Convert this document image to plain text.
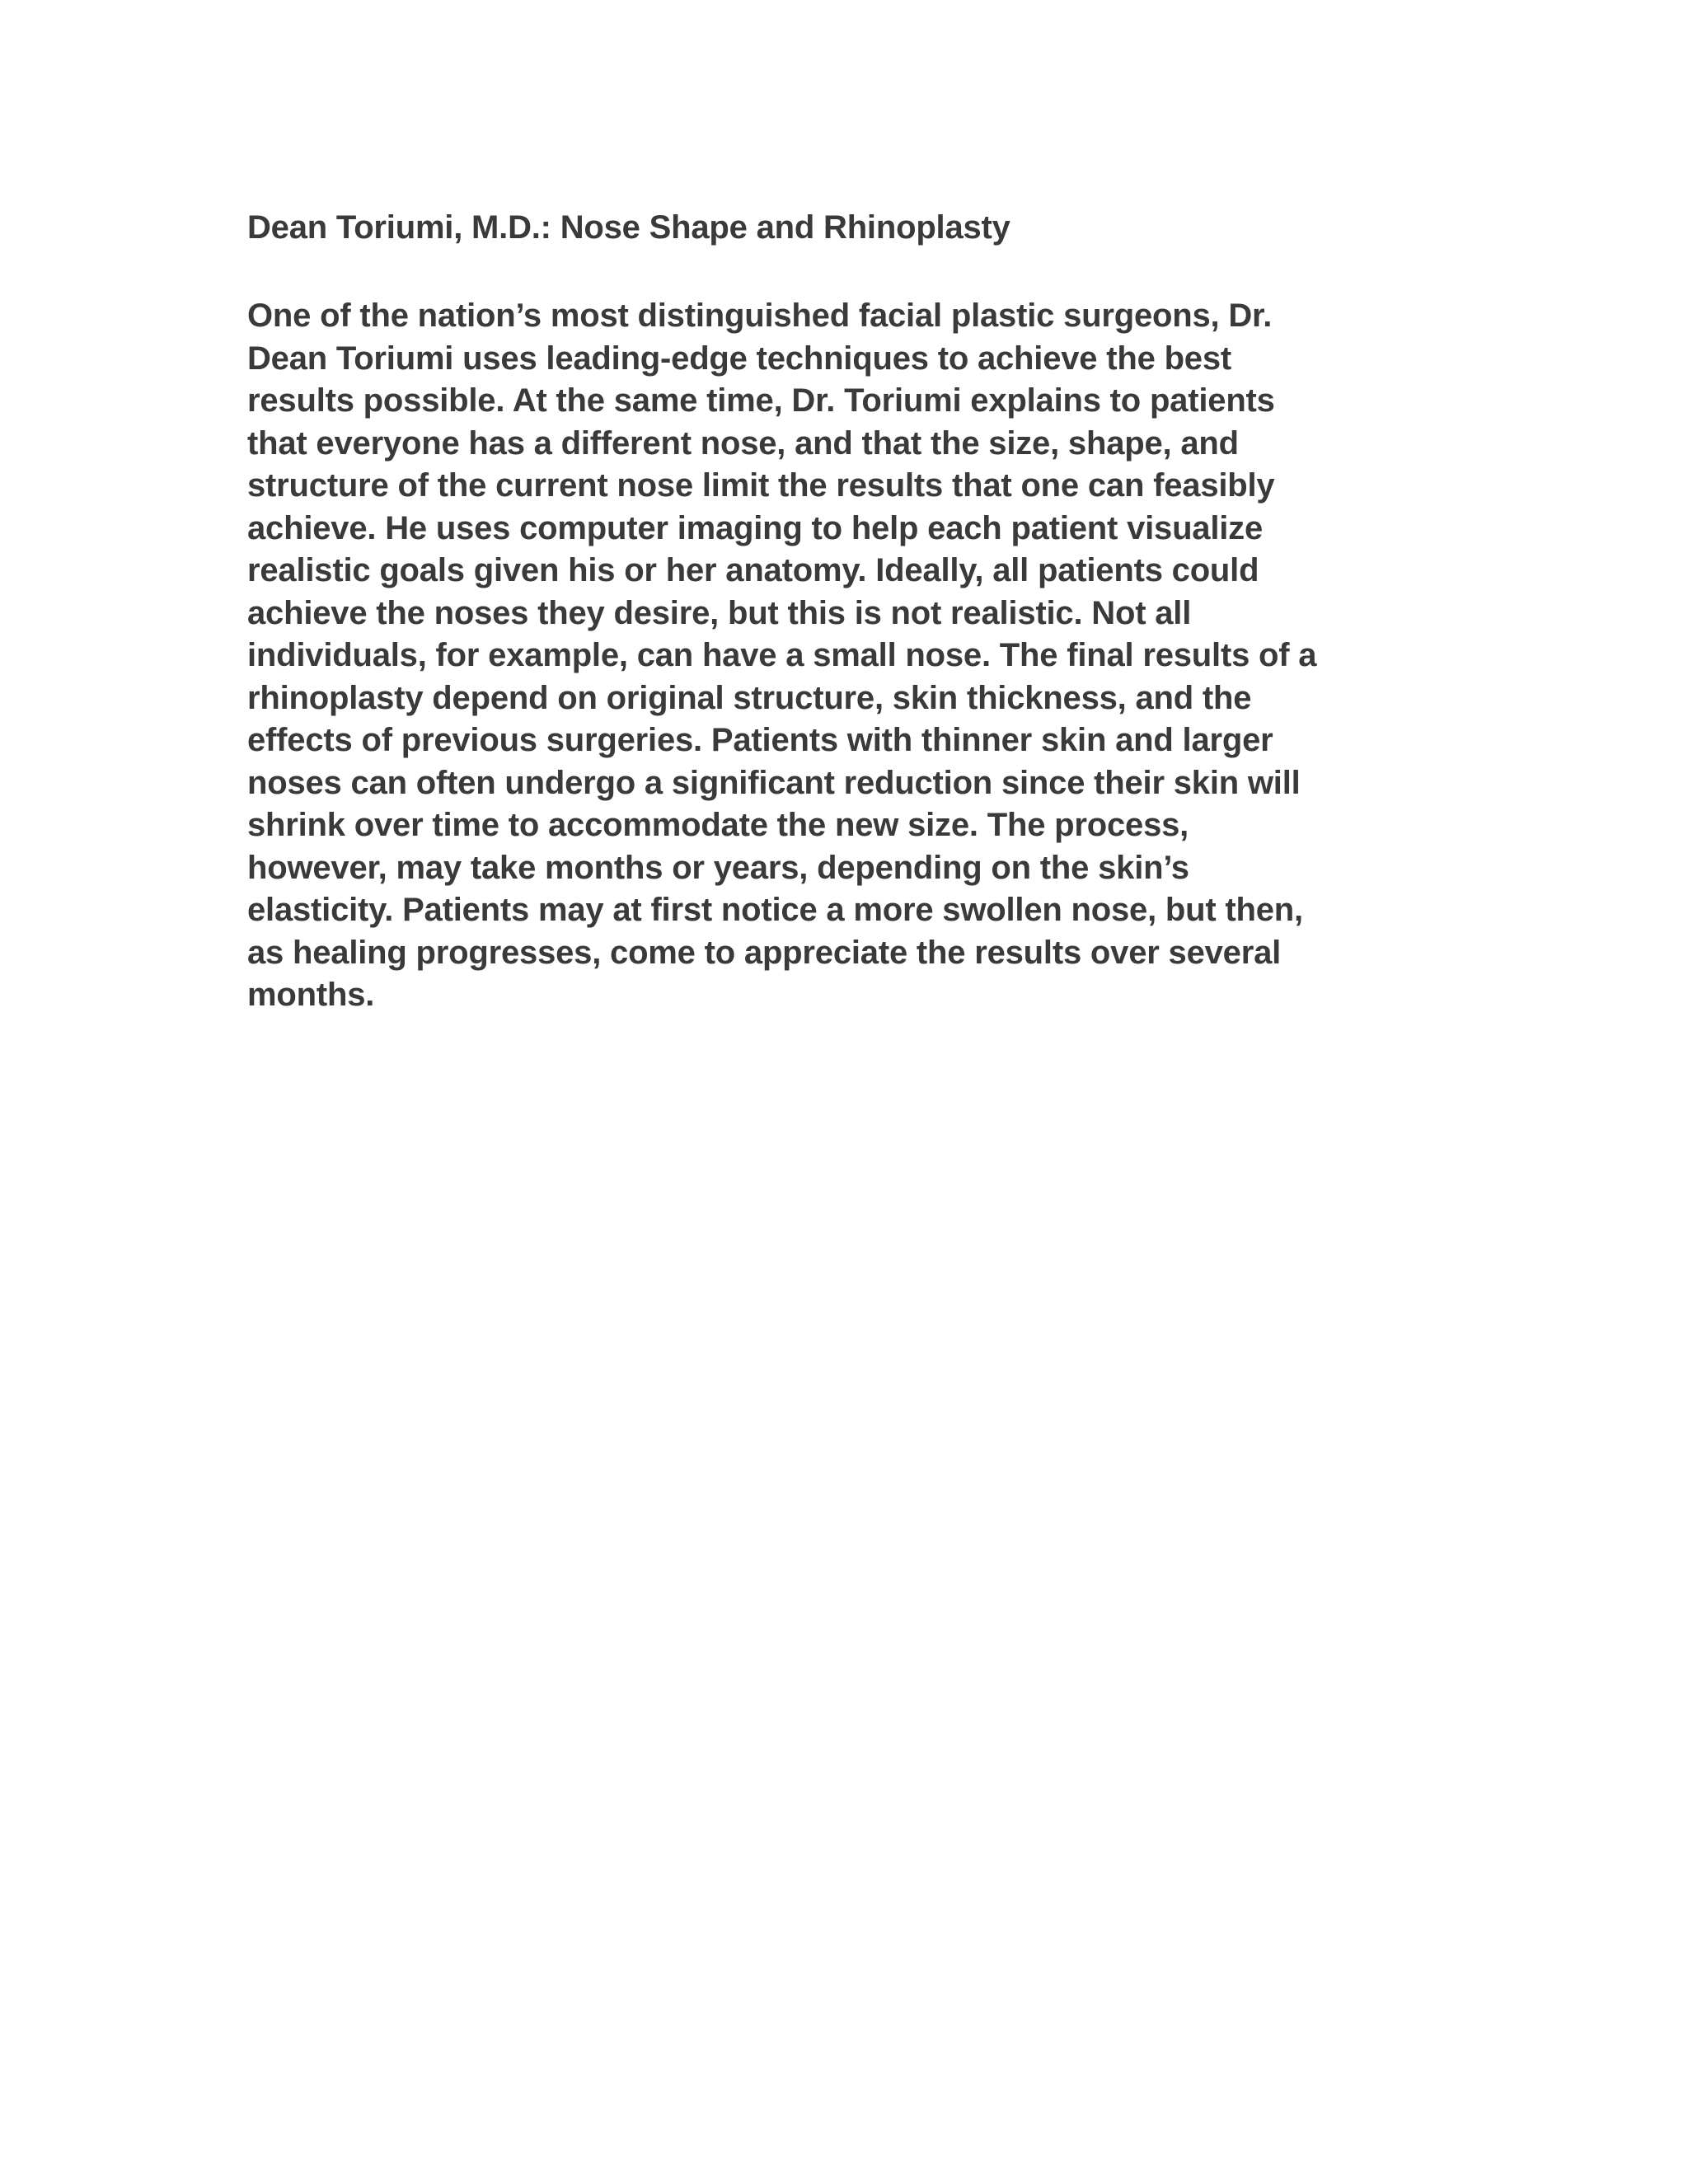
Dean Toriumi, M.D.: Nose Shape and Rhinoplasty

One of the nation’s most distinguished facial plastic surgeons, Dr.
Dean Toriumi uses leading-edge techniques to achieve the best
results possible. At the same time, Dr. Toriumi explains to patients
that everyone has a different nose, and that the size, shape, and
structure of the current nose limit the results that one can feasibly
achieve. He uses computer imaging to help each patient visualize
realistic goals given his or her anatomy. Ideally, all patients could
achieve the noses they desire, but this is not realistic. Not all
individuals, for example, can have a small nose. The final results of a
rhinoplasty depend on original structure, skin thickness, and the
effects of previous surgeries. Patients with thinner skin and larger
noses can often undergo a significant reduction since their skin will
shrink over time to accommodate the new size. The process,
however, may take months or years, depending on the skin’s
elasticity. Patients may at first notice a more swollen nose, but then,
as healing progresses, come to appreciate the results over several
months.
